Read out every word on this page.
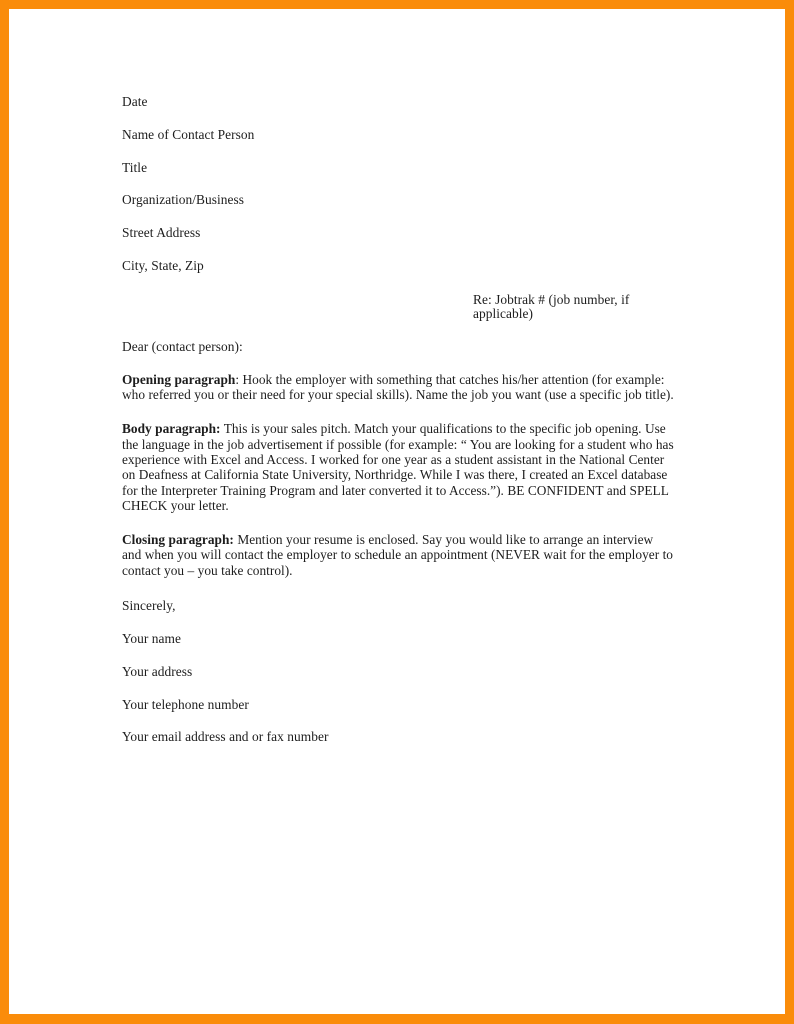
Date

Name of Contact Person

Title

Organization/Business

Street Address

City, State, Zip

Re: Jobtrak # (job number, if applicable)

Dear (contact person):

Opening paragraph: Hook the employer with something that catches his/her attention (for example: who referred you or their need for your special skills). Name the job you want (use a specific job title).

Body paragraph: This is your sales pitch. Match your qualifications to the specific job opening. Use the language in the job advertisement if possible (for example: “ You are looking for a student who has experience with Excel and Access. I worked for one year as a student assistant in the National Center on Deafness at California State University, Northridge. While I was there, I created an Excel database for the Interpreter Training Program and later converted it to Access.”). BE CONFIDENT and SPELL CHECK your letter.

Closing paragraph: Mention your resume is enclosed. Say you would like to arrange an interview and when you will contact the employer to schedule an appointment (NEVER wait for the employer to contact you – you take control).

Sincerely,

Your name

Your address

Your telephone number

Your email address and or fax number
